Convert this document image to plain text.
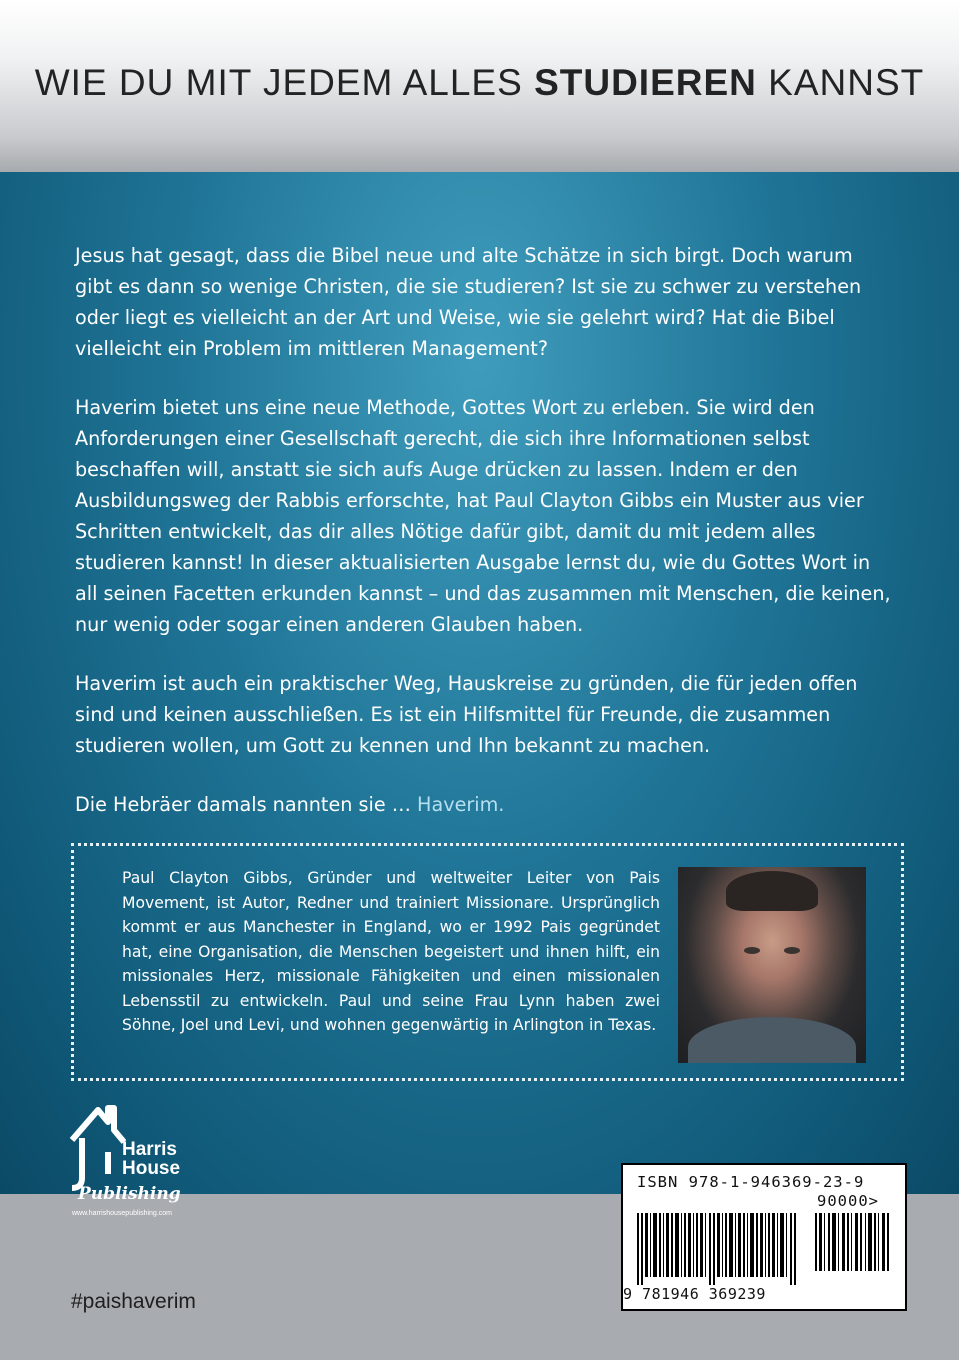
WIE DU MIT JEDEM ALLES STUDIEREN KANNST

Jesus hat gesagt, dass die Bibel neue und alte Schätze in sich birgt. Doch warum gibt es dann so wenige Christen, die sie studieren? Ist sie zu schwer zu verstehen oder liegt es vielleicht an der Art und Weise, wie sie gelehrt wird? Hat die Bibel vielleicht ein Problem im mittleren Management?

Haverim bietet uns eine neue Methode, Gottes Wort zu erleben. Sie wird den Anforderungen einer Gesellschaft gerecht, die sich ihre Informationen selbst beschaffen will, anstatt sie sich aufs Auge drücken zu lassen. Indem er den Ausbildungsweg der Rabbis erforschte, hat Paul Clayton Gibbs ein Muster aus vier Schritten entwickelt, das dir alles Nötige dafür gibt, damit du mit jedem alles studieren kannst! In dieser aktualisierten Ausgabe lernst du, wie du Gottes Wort in all seinen Facetten erkunden kannst – und das zusammen mit Menschen, die keinen, nur wenig oder sogar einen anderen Glauben haben.

Haverim ist auch ein praktischer Weg, Hauskreise zu gründen, die für jeden offen sind und keinen ausschließen. Es ist ein Hilfsmittel für Freunde, die zusammen studieren wollen, um Gott zu kennen und Ihn bekannt zu machen.

Die Hebräer damals nannten sie … Haverim.

Paul Clayton Gibbs, Gründer und weltweiter Leiter von Pais Movement, ist Autor, Redner und trainiert Missionare. Ursprünglich kommt er aus Manchester in England, wo er 1992 Pais gegründet hat, eine Organisation, die Menschen begeistert und ihnen hilft, ein missionales Herz, missionale Fähigkeiten und einen missionalen Lebensstil zu entwickeln. Paul und seine Frau Lynn haben zwei Söhne, Joel und Levi, und wohnen gegenwärtig in Arlington in Texas.
Harris
House
Publishing
www.harrishousepublishing.com
ISBN 978-1-946369-23-9
90000>
9 781946 369239
#paishaverim
